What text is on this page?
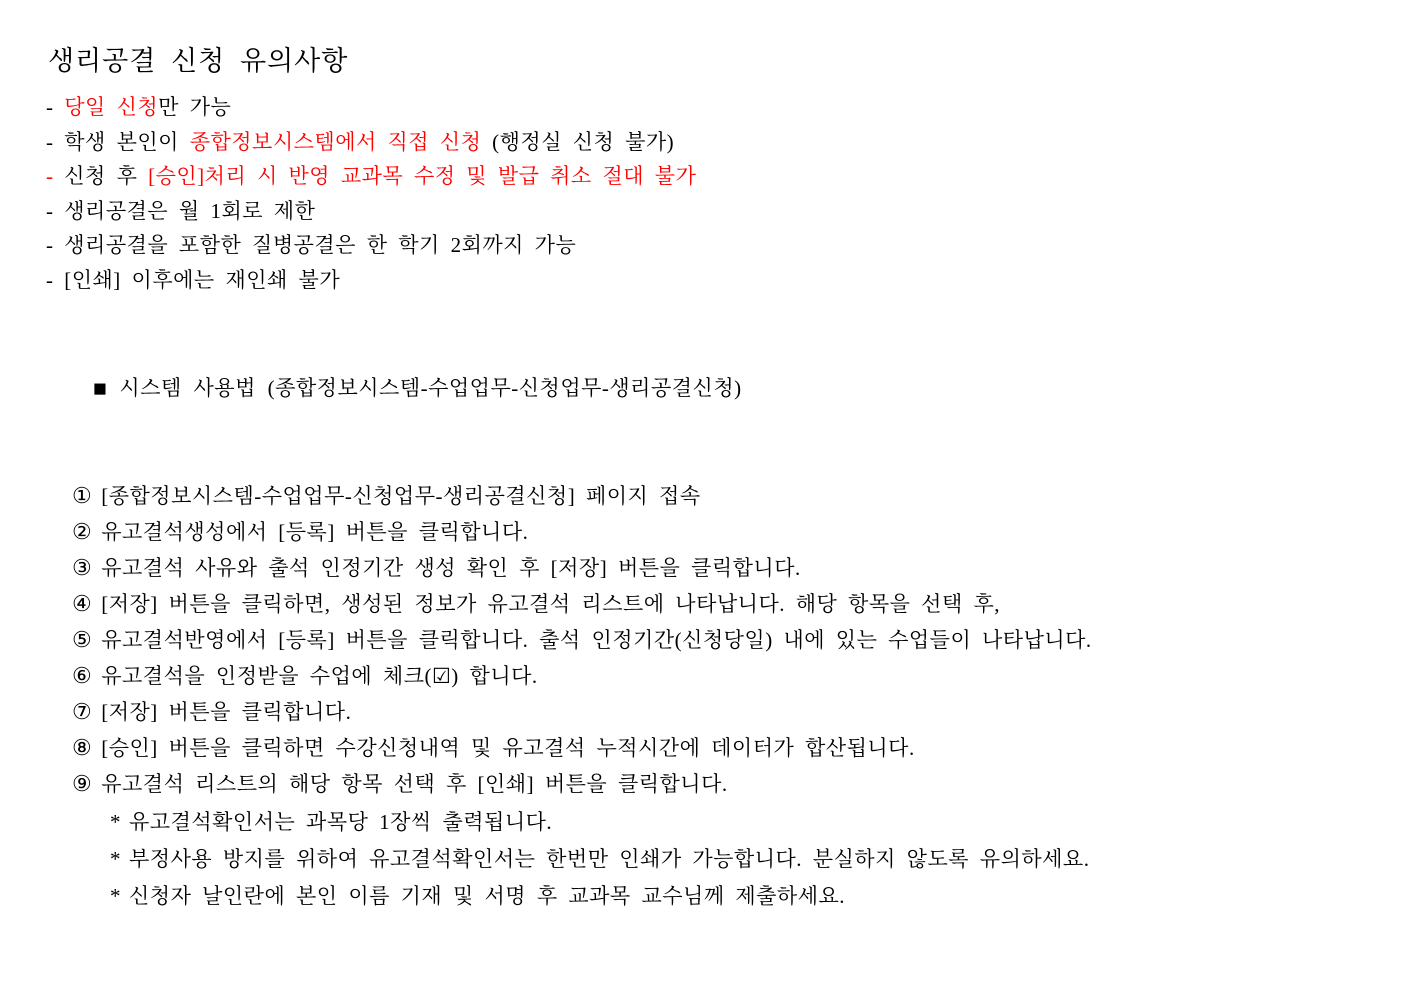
생리공결 신청 유의사항
- 당일 신청만 가능
- 학생 본인이 종합정보시스템에서 직접 신청 (행정실 신청 불가)
- 신청 후 [승인]처리 시 반영 교과목 수정 및 발급 취소 절대 불가
- 생리공결은 월 1회로 제한
- 생리공결을 포함한 질병공결은 한 학기 2회까지 가능
- [인쇄] 이후에는 재인쇄 불가

■ 시스템 사용법 (종합정보시스템-수업업무-신청업무-생리공결신청)

① [종합정보시스템-수업업무-신청업무-생리공결신청] 페이지 접속
② 유고결석생성에서 [등록] 버튼을 클릭합니다.
③ 유고결석 사유와 출석 인정기간 생성 확인 후 [저장] 버튼을 클릭합니다.
④ [저장] 버튼을 클릭하면, 생성된 정보가 유고결석 리스트에 나타납니다. 해당 항목을 선택 후,
⑤ 유고결석반영에서 [등록] 버튼을 클릭합니다. 출석 인정기간(신청당일) 내에 있는 수업들이 나타납니다.
⑥ 유고결석을 인정받을 수업에 체크(☑) 합니다.
⑦ [저장] 버튼을 클릭합니다.
⑧ [승인] 버튼을 클릭하면 수강신청내역 및 유고결석 누적시간에 데이터가 합산됩니다.
⑨ 유고결석 리스트의 해당 항목 선택 후 [인쇄] 버튼을 클릭합니다.
* 유고결석확인서는 과목당 1장씩 출력됩니다.
* 부정사용 방지를 위하여 유고결석확인서는 한번만 인쇄가 가능합니다. 분실하지 않도록 유의하세요.
* 신청자 날인란에 본인 이름 기재 및 서명 후 교과목 교수님께 제출하세요.
